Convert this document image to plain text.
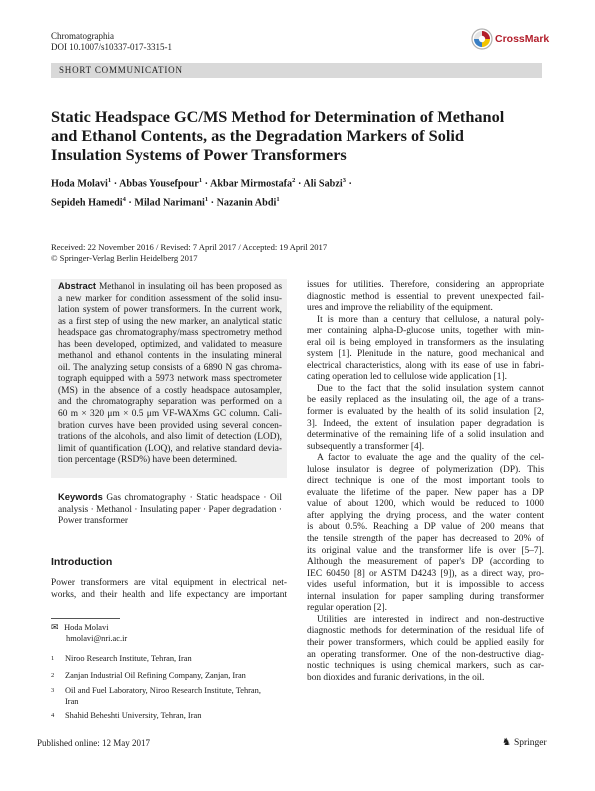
Chromatographia
DOI 10.1007/s10337-017-3315-1
CrossMark
SHORT COMMUNICATION
Static Headspace GC/MS Method for Determination of Methanol
and Ethanol Contents, as the Degradation Markers of Solid
Insulation Systems of Power Transformers
Hoda Molavi$^1$ · Abbas Yousefpour$^1$ · Akbar Mirmostafa$^2$ · Ali Sabzi$^3$ ·
Sepideh Hamedi$^4$ · Milad Narimani$^1$ · Nazanin Abdi$^1$
Received: 22 November 2016 / Revised: 7 April 2017 / Accepted: 19 April 2017
© Springer-Verlag Berlin Heidelberg 2017
Abstract Methanol in insulating oil has been proposed as
a new marker for condition assessment of the solid insu-
lation system of power transformers. In the current work,
as a first step of using the new marker, an analytical static
headspace gas chromatography/mass spectrometry method
has been developed, optimized, and validated to measure
methanol and ethanol contents in the insulating mineral
oil. The analyzing setup consists of a 6890 N gas chroma-
tograph equipped with a 5973 network mass spectrometer
(MS) in the absence of a costly headspace autosampler,
and the chromatography separation was performed on a
60 m × 320 μm × 0.5 μm VF-WAXms GC column. Cali-
bration curves have been provided using several concen-
trations of the alcohols, and also limit of detection (LOD),
limit of quantification (LOQ), and relative standard devia-
tion percentage (RSD%) have been determined.
Keywords Gas chromatography · Static headspace · Oil
analysis · Methanol · Insulating paper · Paper degradation ·
Power transformer
Introduction
Power transformers are vital equipment in electrical net-
works, and their health and life expectancy are important
✉ Hoda Molavi
hmolavi@nri.ac.ir
1 Niroo Research Institute, Tehran, Iran
2 Zanjan Industrial Oil Refining Company, Zanjan, Iran
3 Oil and Fuel Laboratory, Niroo Research Institute, Tehran,
Iran
4 Shahid Beheshti University, Tehran, Iran
issues for utilities. Therefore, considering an appropriate
diagnostic method is essential to prevent unexpected fail-
ures and improve the reliability of the equipment.
It is more than a century that cellulose, a natural poly-
mer containing alpha-D-glucose units, together with min-
eral oil is being employed in transformers as the insulating
system [1]. Plenitude in the nature, good mechanical and
electrical characteristics, along with its ease of use in fabri-
cating operation led to cellulose wide application [1].
Due to the fact that the solid insulation system cannot
be easily replaced as the insulating oil, the age of a trans-
former is evaluated by the health of its solid insulation [2,
3]. Indeed, the extent of insulation paper degradation is
determinative of the remaining life of a solid insulation and
subsequently a transformer [4].
A factor to evaluate the age and the quality of the cel-
lulose insulator is degree of polymerization (DP). This
direct technique is one of the most important tools to
evaluate the lifetime of the paper. New paper has a DP
value of about 1200, which would be reduced to 1000
after applying the drying process, and the water content
is about 0.5%. Reaching a DP value of 200 means that
the tensile strength of the paper has decreased to 20% of
its original value and the transformer life is over [5–7].
Although the measurement of paper's DP (according to
IEC 60450 [8] or ASTM D4243 [9]), as a direct way, pro-
vides useful information, but it is impossible to access
internal insulation for paper sampling during transformer
regular operation [2].
Utilities are interested in indirect and non-destructive
diagnostic methods for determination of the residual life of
their power transformers, which could be applied easily for
an operating transformer. One of the non-destructive diag-
nostic techniques is using chemical markers, such as car-
bon dioxides and furanic derivations, in the oil.
Published online: 12 May 2017	♞ Springer
